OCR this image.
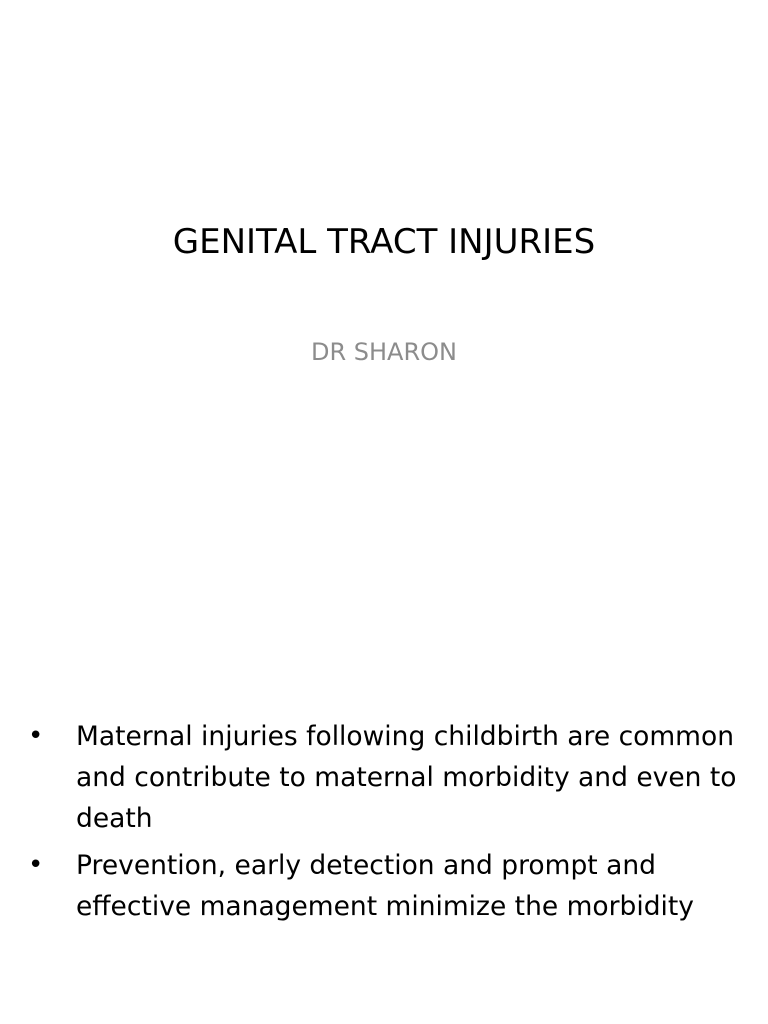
GENITAL TRACT INJURIES
DR SHARON
•	Maternal injuries following childbirth are common and contribute to maternal morbidity and even to death
•	Prevention, early detection and prompt and effective management minimize the morbidity
